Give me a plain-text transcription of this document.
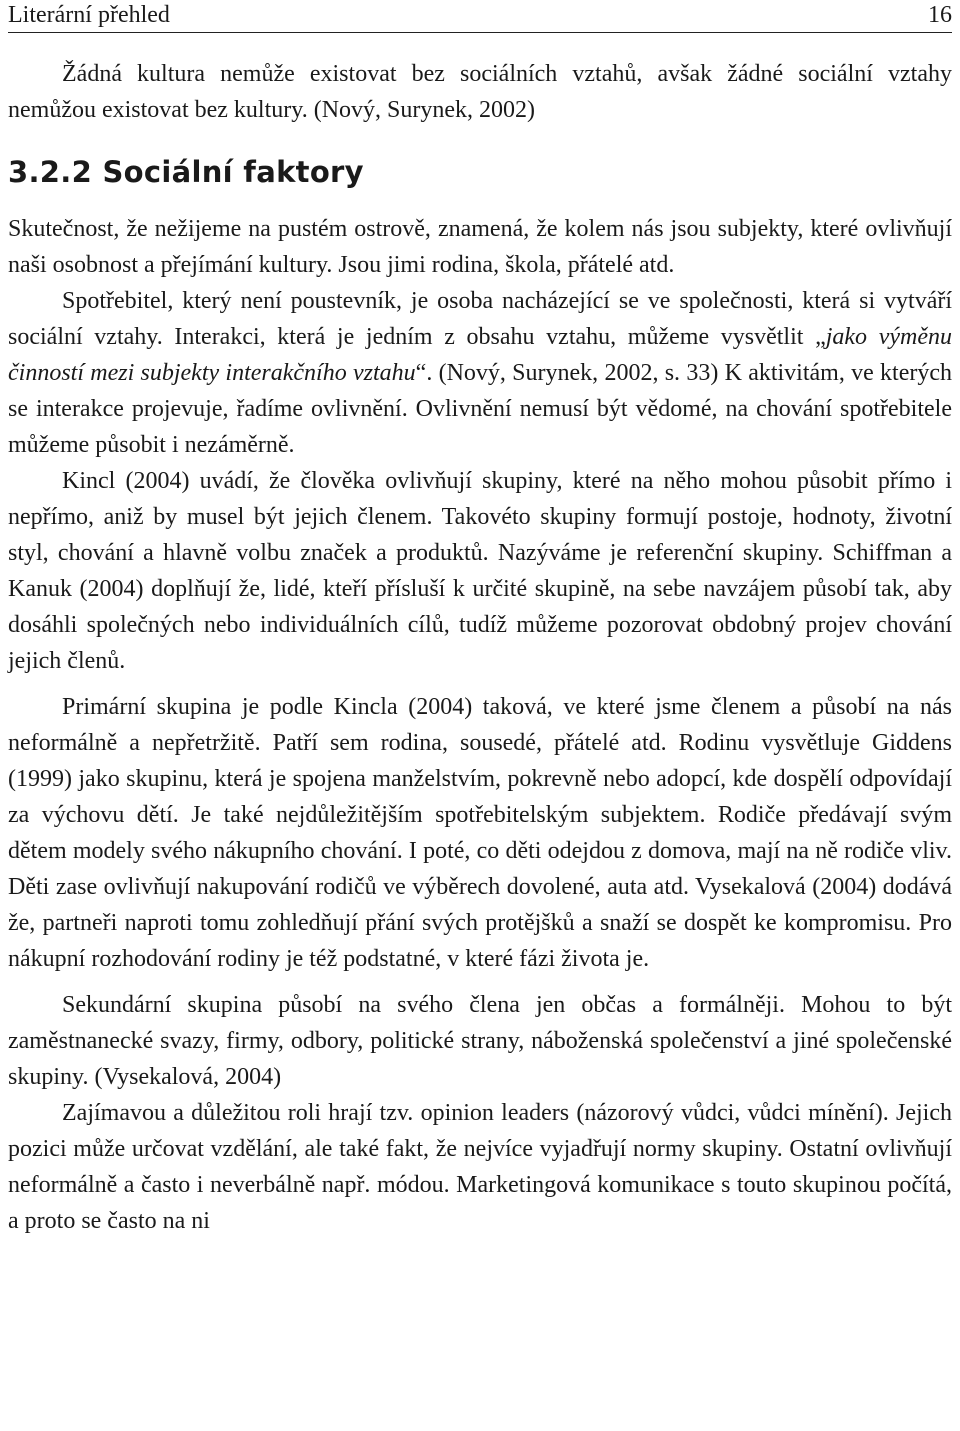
Literární přehled	16

Žádná kultura nemůže existovat bez sociálních vztahů, avšak žádné sociální vztahy nemůžou existovat bez kultury. (Nový, Surynek, 2002)

3.2.2 Sociální faktory

Skutečnost, že nežijeme na pustém ostrově, znamená, že kolem nás jsou subjekty, které ovlivňují naši osobnost a přejímání kultury. Jsou jimi rodina, škola, přátelé atd.

Spotřebitel, který není poustevník, je osoba nacházející se ve společnosti, která si vytváří sociální vztahy. Interakci, která je jedním z obsahu vztahu, můžeme vysvětlit „jako výměnu činností mezi subjekty interakčního vztahu“. (Nový, Surynek, 2002, s. 33) K aktivitám, ve kterých se interakce projevuje, řadíme ovlivnění. Ovlivnění nemusí být vědomé, na chování spotřebitele můžeme působit i nezáměrně.

Kincl (2004) uvádí, že člověka ovlivňují skupiny, které na něho mohou působit přímo i nepřímo, aniž by musel být jejich členem. Takovéto skupiny formují postoje, hodnoty, životní styl, chování a hlavně volbu značek a produktů. Nazýváme je referenční skupiny. Schiffman a Kanuk (2004) doplňují že, lidé, kteří přísluší k určité skupině, na sebe navzájem působí tak, aby dosáhli společných nebo individuálních cílů, tudíž můžeme pozorovat obdobný projev chování jejich členů.

Primární skupina je podle Kincla (2004) taková, ve které jsme členem a působí na nás neformálně a nepřetržitě. Patří sem rodina, sousedé, přátelé atd. Rodinu vysvětluje Giddens (1999) jako skupinu, která je spojena manželstvím, pokrevně nebo adopcí, kde dospělí odpovídají za výchovu dětí. Je také nejdůležitějším spotřebitelským subjektem. Rodiče předávají svým dětem modely svého nákupního chování. I poté, co děti odejdou z domova, mají na ně rodiče vliv. Děti zase ovlivňují nakupování rodičů ve výběrech dovolené, auta atd. Vysekalová (2004) dodává že, partneři naproti tomu zohledňují přání svých protějšků a snaží se dospět ke kompromisu. Pro nákupní rozhodování rodiny je též podstatné, v které fázi života je.

Sekundární skupina působí na svého člena jen občas a formálněji. Mohou to být zaměstnanecké svazy, firmy, odbory, politické strany, náboženská společenství a jiné společenské skupiny. (Vysekalová, 2004)

Zajímavou a důležitou roli hrají tzv. opinion leaders (názorový vůdci, vůdci mínění). Jejich pozici může určovat vzdělání, ale také fakt, že nejvíce vyjadřují normy skupiny. Ostatní ovlivňují neformálně a často i neverbálně např. módou. Marketingová komunikace s touto skupinou počítá, a proto se často na ni
